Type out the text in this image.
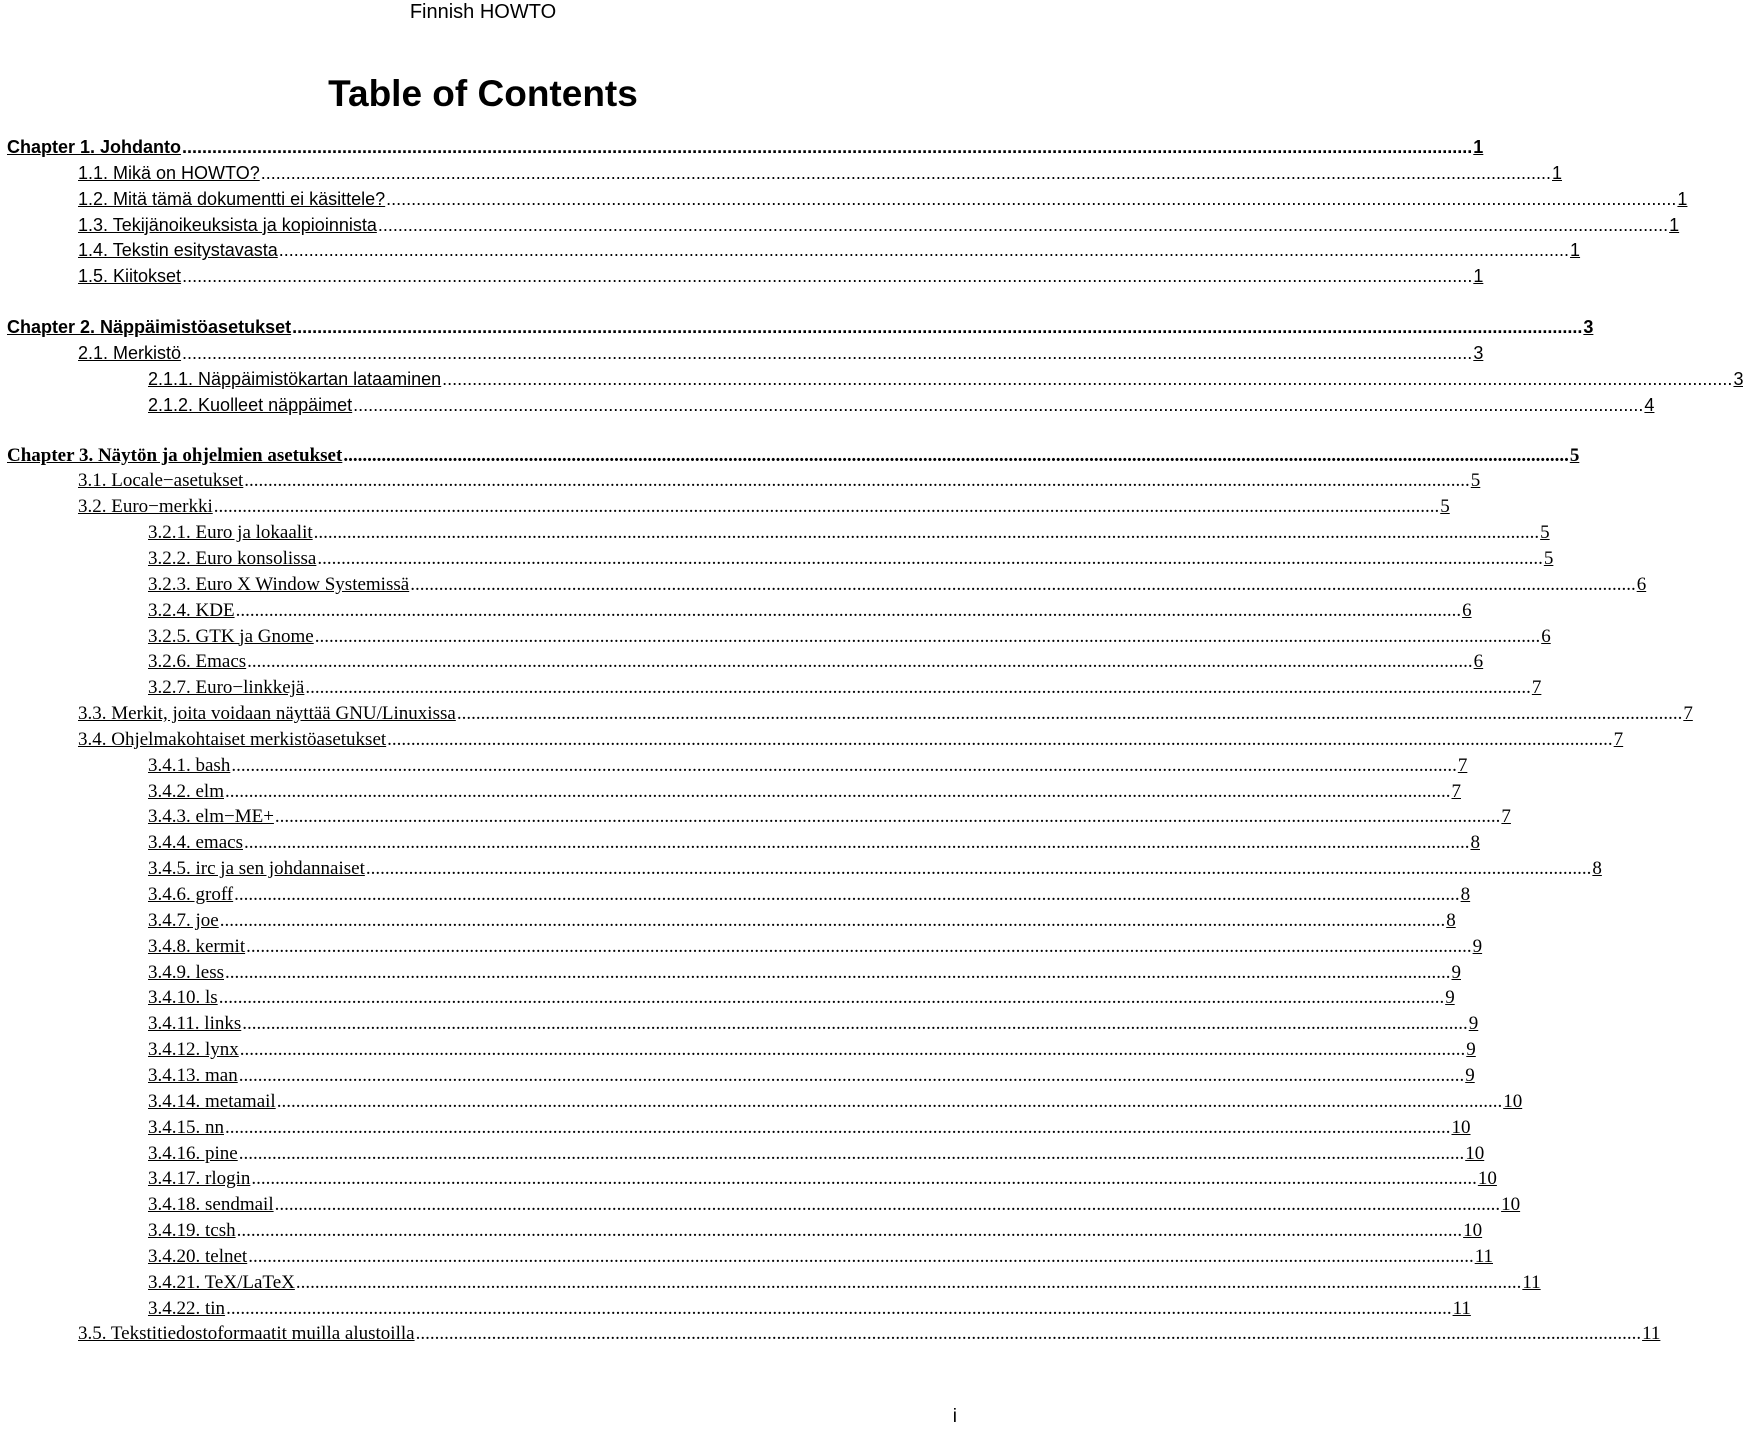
Finnish HOWTO
Table of Contents
Chapter 1. Johdanto .....	1
1.1. Mikä on HOWTO? .....	1
1.2. Mitä tämä dokumentti ei käsittele? .....	1
1.3. Tekijänoikeuksista ja kopioinnista .....	1
1.4. Tekstin esitystavasta .....	1
1.5. Kiitokset .....	1
Chapter 2. Näppäimistöasetukset .....	3
2.1. Merkistö .....	3
2.1.1. Näppäimistökartan lataaminen .....	3
2.1.2. Kuolleet näppäimet .....	4
Chapter 3. Näytön ja ohjelmien asetukset .....	5
3.1. Locale−asetukset .....	5
3.2. Euro−merkki .....	5
3.2.1. Euro ja lokaalit .....	5
3.2.2. Euro konsolissa .....	5
3.2.3. Euro X Window Systemissä .....	6
3.2.4. KDE .....	6
3.2.5. GTK ja Gnome .....	6
3.2.6. Emacs .....	6
3.2.7. Euro−linkkejä .....	7
3.3. Merkit, joita voidaan näyttää GNU/Linuxissa .....	7
3.4. Ohjelmakohtaiset merkistöasetukset .....	7
3.4.1. bash .....	7
3.4.2. elm .....	7
3.4.3. elm−ME+ .....	7
3.4.4. emacs .....	8
3.4.5. irc ja sen johdannaiset .....	8
3.4.6. groff .....	8
3.4.7. joe .....	8
3.4.8. kermit .....	9
3.4.9. less .....	9
3.4.10. ls .....	9
3.4.11. links .....	9
3.4.12. lynx .....	9
3.4.13. man .....	9
3.4.14. metamail .....	10
3.4.15. nn .....	10
3.4.16. pine .....	10
3.4.17. rlogin .....	10
3.4.18. sendmail .....	10
3.4.19. tcsh .....	10
3.4.20. telnet .....	11
3.4.21. TeX/LaTeX .....	11
3.4.22. tin .....	11
3.5. Tekstitiedostoformaatit muilla alustoilla .....	11
i
